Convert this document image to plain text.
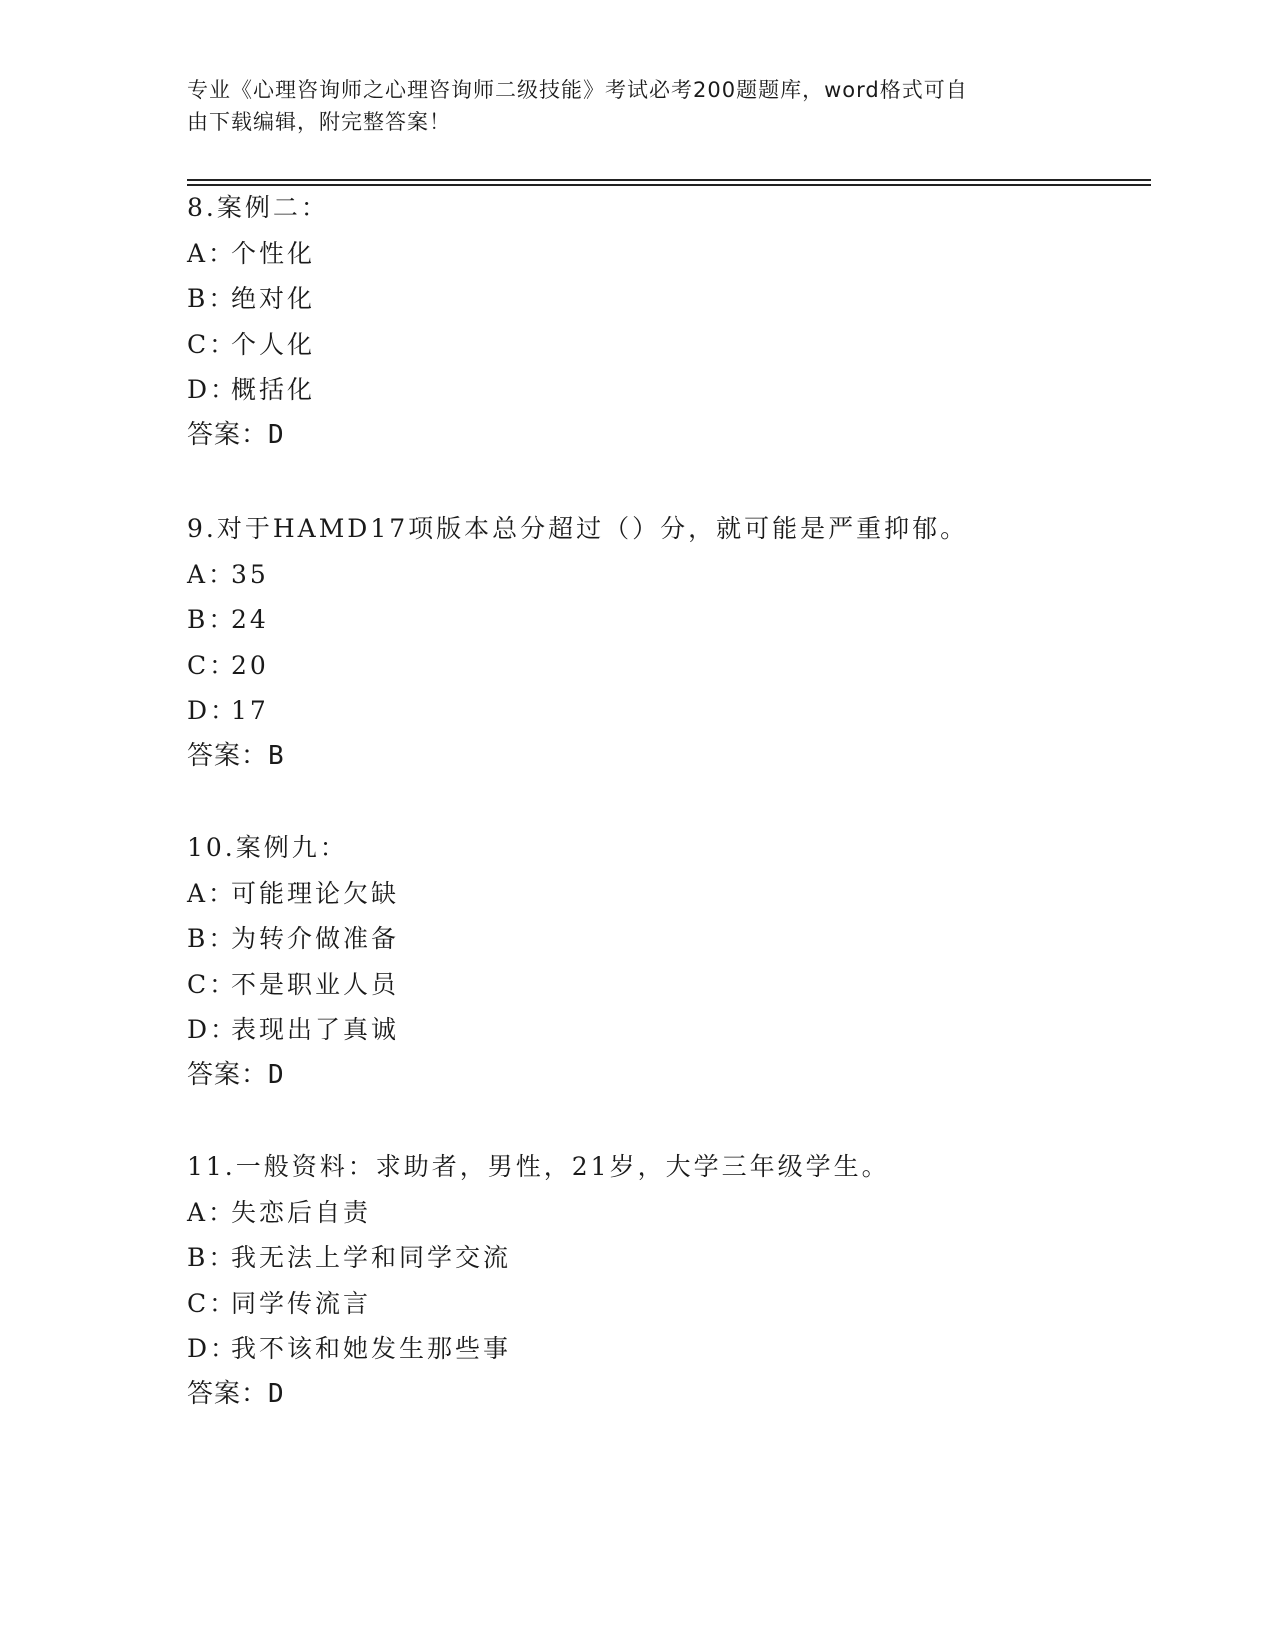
专业《心理咨询师之心理咨询师二级技能》考试必考200题题库，word格式可自
由下载编辑，附完整答案！
8.案例二：
A：个性化
B：绝对化
C：个人化
D：概括化
答案：D
9.对于HAMD17项版本总分超过（）分，就可能是严重抑郁。
A：35
B：24
C：20
D：17
答案：B
10.案例九：
A：可能理论欠缺
B：为转介做准备
C：不是职业人员
D：表现出了真诚
答案：D
11.一般资料：求助者，男性，21岁，大学三年级学生。
A：失恋后自责
B：我无法上学和同学交流
C：同学传流言
D：我不该和她发生那些事
答案：D
